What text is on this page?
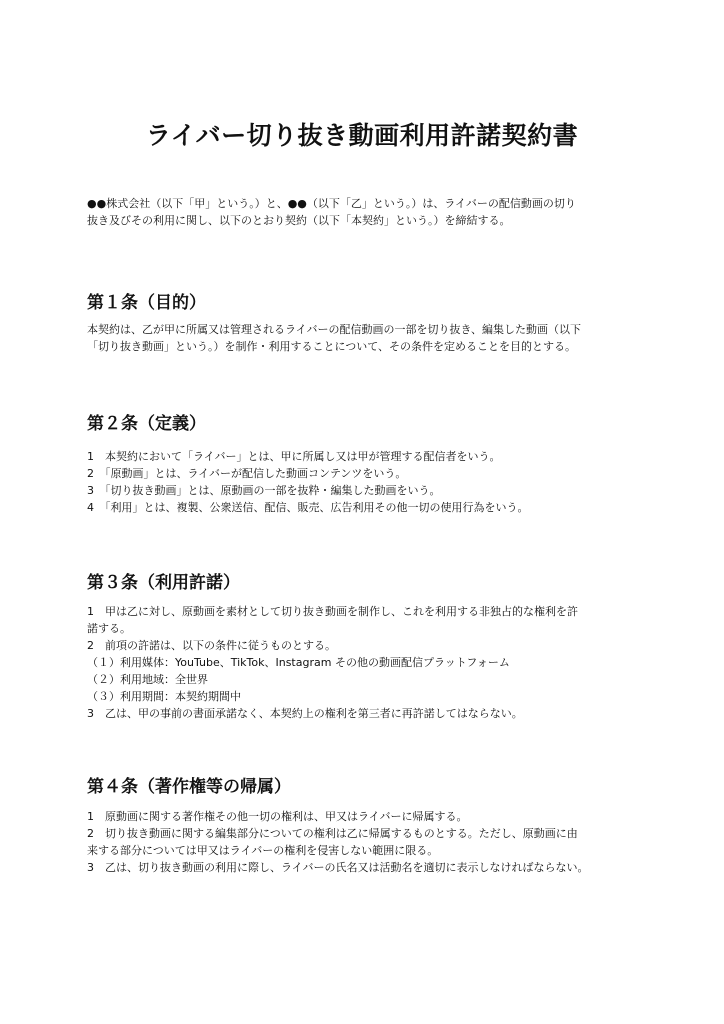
ライバー切り抜き動画利用許諾契約書
●●株式会社（以下「甲」という。）と、●●（以下「乙」という。）は、ライバーの配信動画の切り
抜き及びその利用に関し、以下のとおり契約（以下「本契約」という。）を締結する。
第１条（目的）
本契約は、乙が甲に所属又は管理されるライバーの配信動画の一部を切り抜き、編集した動画（以下
「切り抜き動画」という。）を制作・利用することについて、その条件を定めることを目的とする。
第２条（定義）
1　本契約において「ライバー」とは、甲に所属し又は甲が管理する配信者をいう。
2　「原動画」とは、ライバーが配信した動画コンテンツをいう。
3　「切り抜き動画」とは、原動画の一部を抜粋・編集した動画をいう。
4　「利用」とは、複製、公衆送信、配信、販売、広告利用その他一切の使用行為をいう。
第３条（利用許諾）
1　甲は乙に対し、原動画を素材として切り抜き動画を制作し、これを利用する非独占的な権利を許
諾する。
2　前項の許諾は、以下の条件に従うものとする。
（１）利用媒体：YouTube、TikTok、Instagram その他の動画配信プラットフォーム
（２）利用地域：全世界
（３）利用期間：本契約期間中
3　乙は、甲の事前の書面承諾なく、本契約上の権利を第三者に再許諾してはならない。
第４条（著作権等の帰属）
1　原動画に関する著作権その他一切の権利は、甲又はライバーに帰属する。
2　切り抜き動画に関する編集部分についての権利は乙に帰属するものとする。ただし、原動画に由
来する部分については甲又はライバーの権利を侵害しない範囲に限る。
3　乙は、切り抜き動画の利用に際し、ライバーの氏名又は活動名を適切に表示しなければならない。
